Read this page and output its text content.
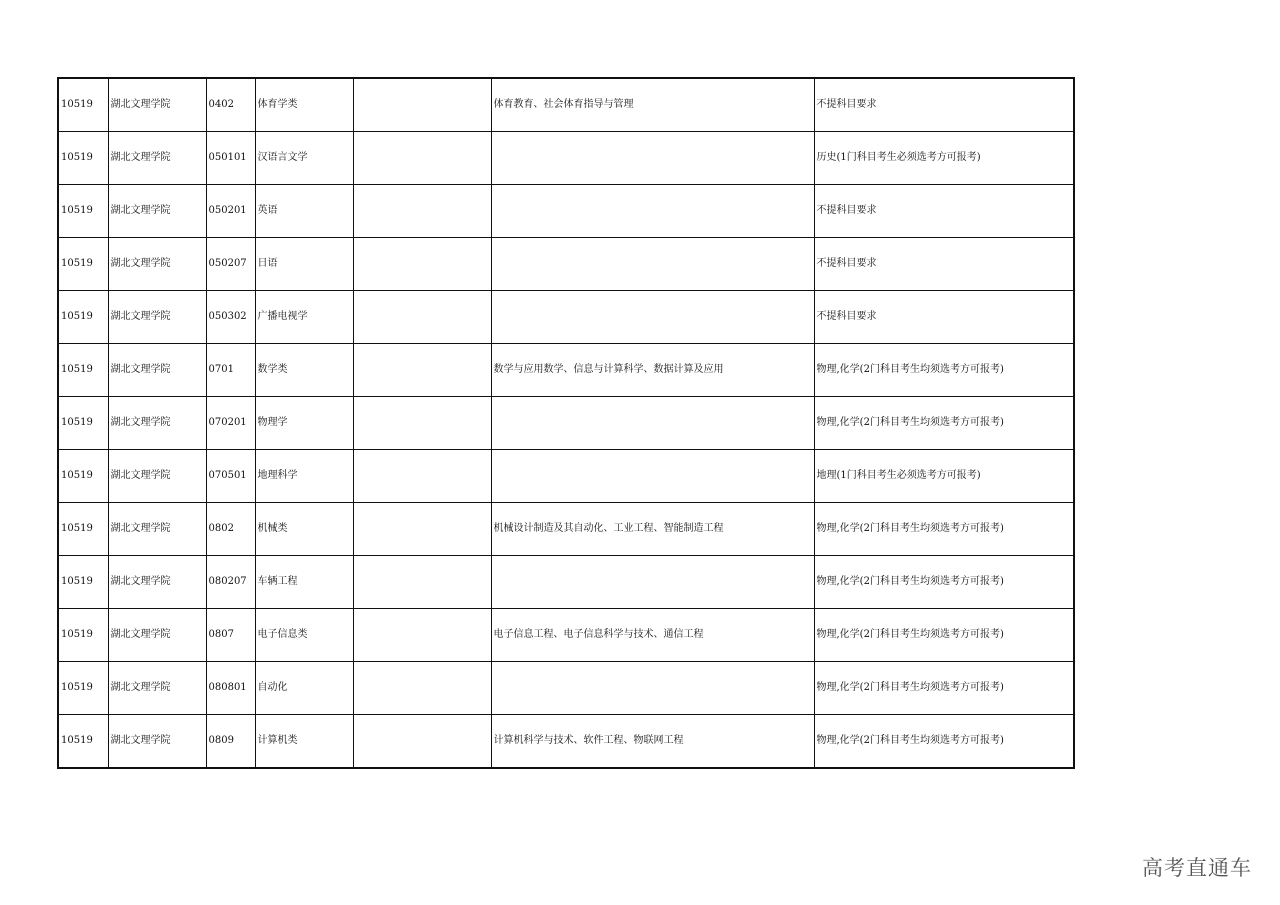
10519	湖北文理学院	0402	体育学类		体育教育、社会体育指导与管理	不提科目要求
10519	湖北文理学院	050101	汉语言文学			历史(1门科目考生必须选考方可报考)
10519	湖北文理学院	050201	英语			不提科目要求
10519	湖北文理学院	050207	日语			不提科目要求
10519	湖北文理学院	050302	广播电视学			不提科目要求
10519	湖北文理学院	0701	数学类		数学与应用数学、信息与计算科学、数据计算及应用	物理,化学(2门科目考生均须选考方可报考)
10519	湖北文理学院	070201	物理学			物理,化学(2门科目考生均须选考方可报考)
10519	湖北文理学院	070501	地理科学			地理(1门科目考生必须选考方可报考)
10519	湖北文理学院	0802	机械类		机械设计制造及其自动化、工业工程、智能制造工程	物理,化学(2门科目考生均须选考方可报考)
10519	湖北文理学院	080207	车辆工程			物理,化学(2门科目考生均须选考方可报考)
10519	湖北文理学院	0807	电子信息类		电子信息工程、电子信息科学与技术、通信工程	物理,化学(2门科目考生均须选考方可报考)
10519	湖北文理学院	080801	自动化			物理,化学(2门科目考生均须选考方可报考)
10519	湖北文理学院	0809	计算机类		计算机科学与技术、软件工程、物联网工程	物理,化学(2门科目考生均须选考方可报考)
高考直通车
